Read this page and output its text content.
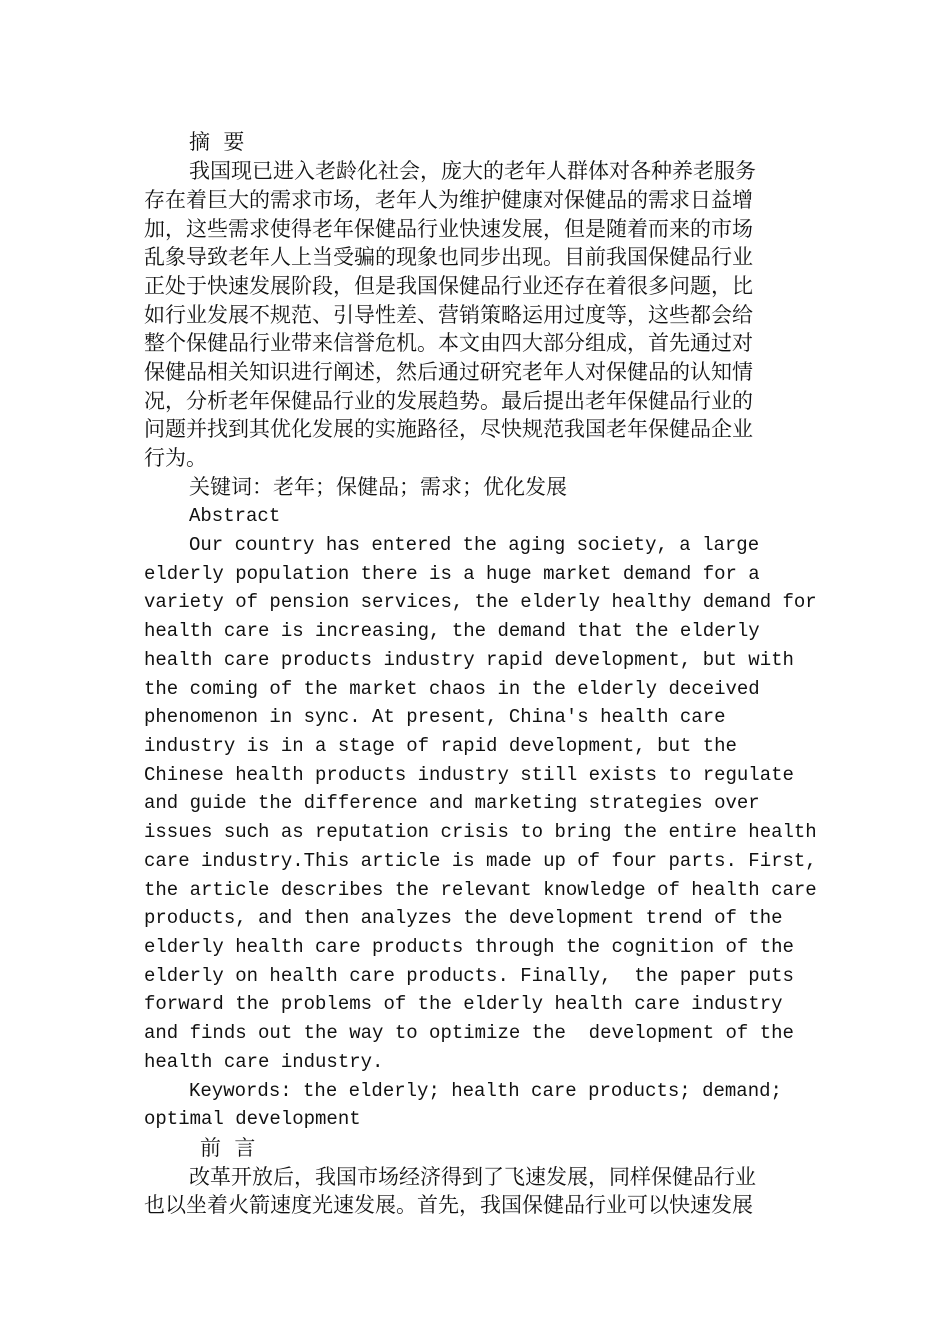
摘  要
我国现已进入老龄化社会，庞大的老年人群体对各种养老服务
存在着巨大的需求市场，老年人为维护健康对保健品的需求日益增
加，这些需求使得老年保健品行业快速发展，但是随着而来的市场
乱象导致老年人上当受骗的现象也同步出现。目前我国保健品行业
正处于快速发展阶段，但是我国保健品行业还存在着很多问题，比
如行业发展不规范、引导性差、营销策略运用过度等，这些都会给
整个保健品行业带来信誉危机。本文由四大部分组成，首先通过对
保健品相关知识进行阐述，然后通过研究老年人对保健品的认知情
况，分析老年保健品行业的发展趋势。最后提出老年保健品行业的
问题并找到其优化发展的实施路径，尽快规范我国老年保健品企业
行为。
关键词：老年；保健品；需求；优化发展
Abstract
Our country has entered the aging society, a large
elderly population there is a huge market demand for a
variety of pension services, the elderly healthy demand for
health care is increasing, the demand that the elderly
health care products industry rapid development, but with
the coming of the market chaos in the elderly deceived
phenomenon in sync. At present, China's health care
industry is in a stage of rapid development, but the
Chinese health products industry still exists to regulate
and guide the difference and marketing strategies over
issues such as reputation crisis to bring the entire health
care industry.This article is made up of four parts. First,
the article describes the relevant knowledge of health care
products, and then analyzes the development trend of the
elderly health care products through the cognition of the
elderly on health care products. Finally,  the paper puts
forward the problems of the elderly health care industry
and finds out the way to optimize the  development of the
health care industry.
Keywords: the elderly; health care products; demand;
optimal development
前  言
改革开放后，我国市场经济得到了飞速发展，同样保健品行业
也以坐着火箭速度光速发展。首先，我国保健品行业可以快速发展
